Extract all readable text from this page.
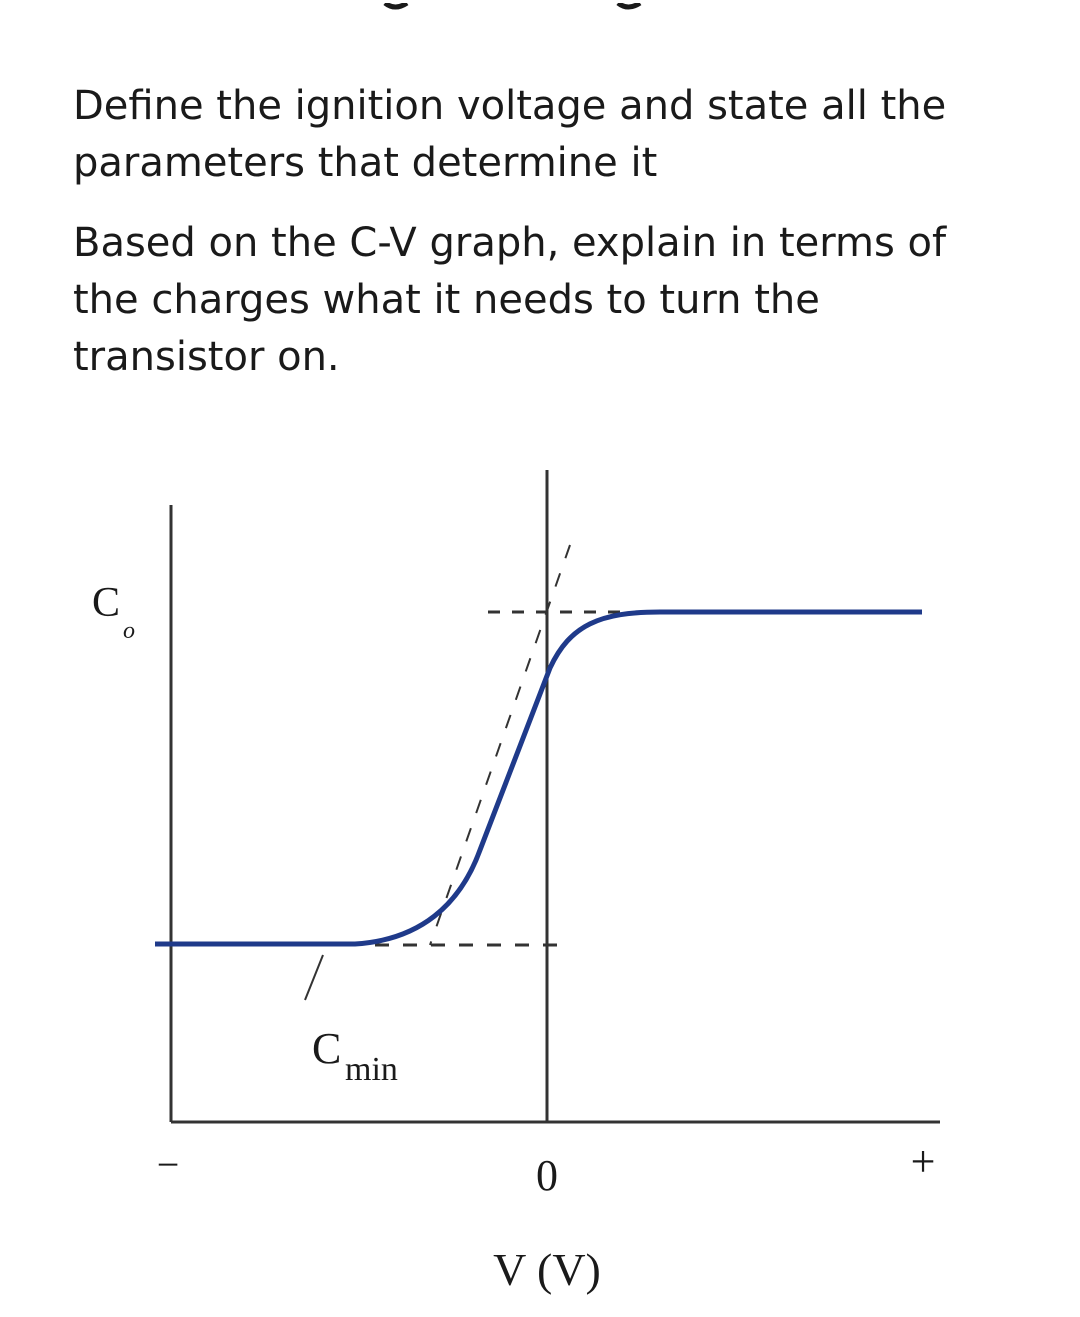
Define the ignition voltage and state all the
parameters that determine it
Based on the C-V graph, explain in terms of
the charges what it needs to turn the
transistor on.
C
o
C min
−	0	+
V (V)
